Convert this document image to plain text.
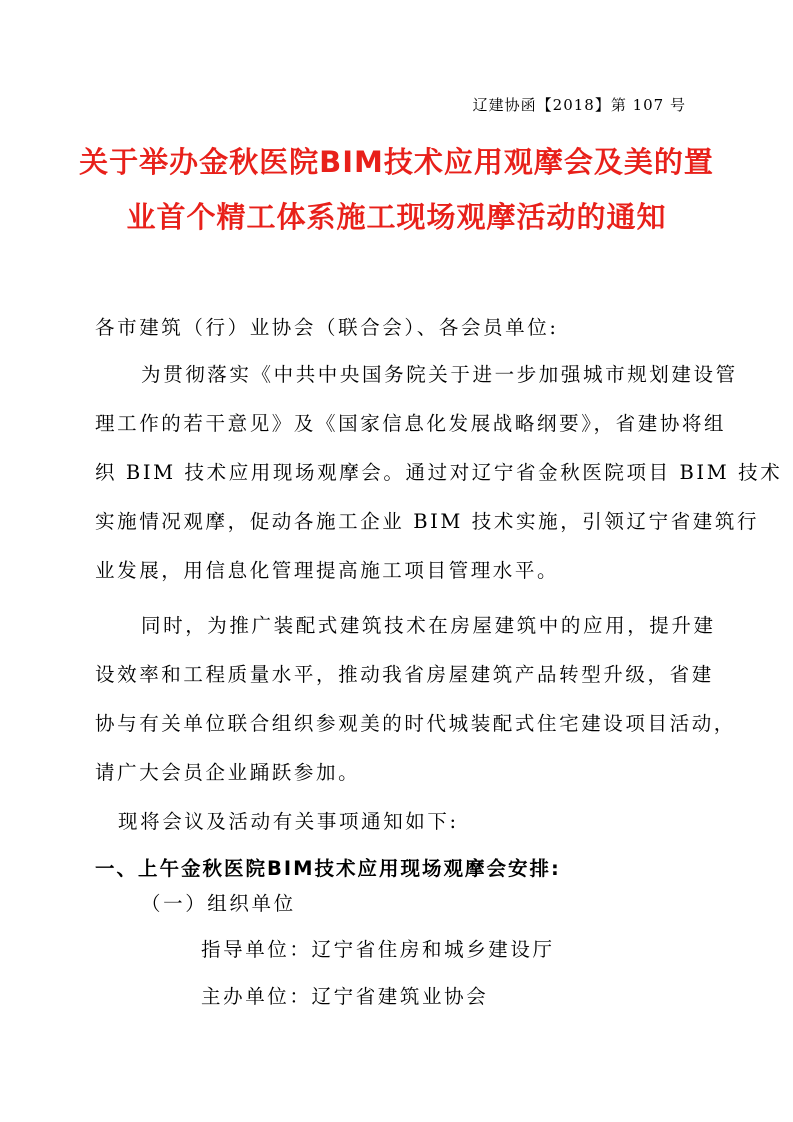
辽建协函【2018】第 107 号
关于举办金秋医院BIM技术应用观摩会及美的置
业首个精工体系施工现场观摩活动的通知
各市建筑（行）业协会（联合会）、各会员单位:
为贯彻落实《中共中央国务院关于进一步加强城市规划建设管
理工作的若干意见》及《国家信息化发展战略纲要》，省建协将组
织 BIM 技术应用现场观摩会。通过对辽宁省金秋医院项目 BIM 技术
实施情况观摩，促动各施工企业 BIM 技术实施，引领辽宁省建筑行
业发展，用信息化管理提高施工项目管理水平。
同时，为推广装配式建筑技术在房屋建筑中的应用，提升建
设效率和工程质量水平，推动我省房屋建筑产品转型升级，省建
协与有关单位联合组织参观美的时代城装配式住宅建设项目活动，
请广大会员企业踊跃参加。
现将会议及活动有关事项通知如下:
一、上午金秋医院BIM技术应用现场观摩会安排:
（一）组织单位
指导单位：辽宁省住房和城乡建设厅
主办单位：辽宁省建筑业协会
